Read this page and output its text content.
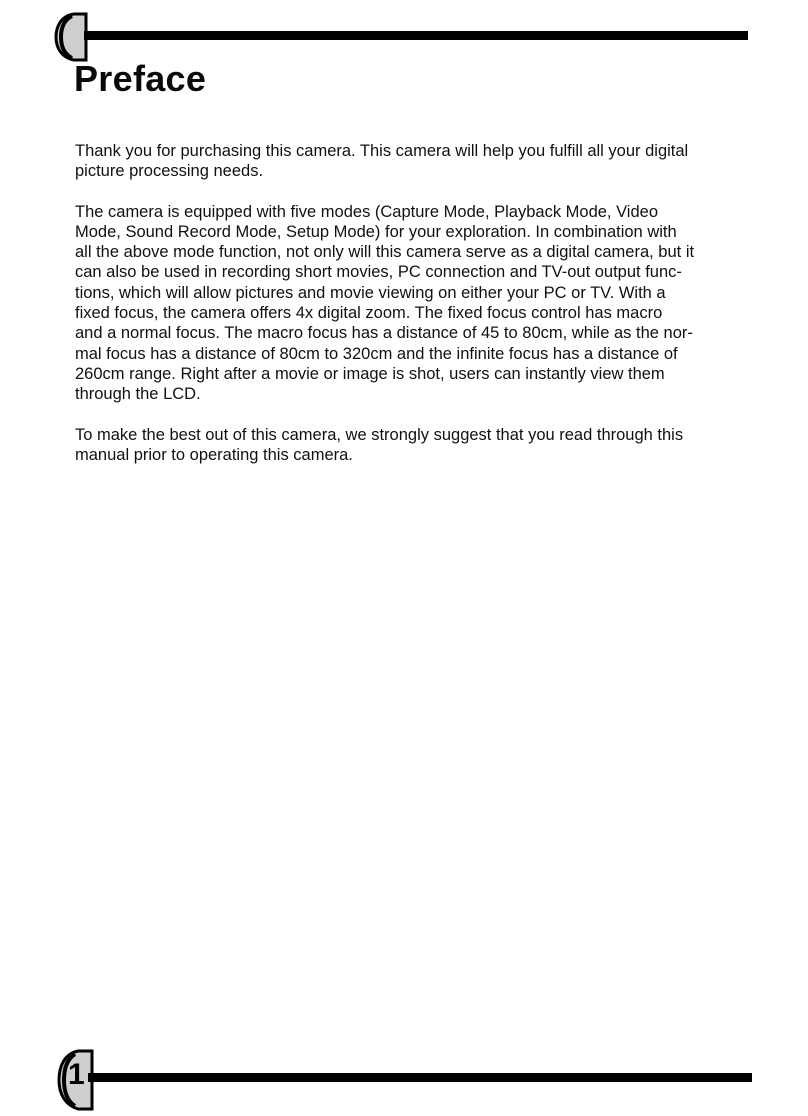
Preface

Thank you for purchasing this camera. This camera will help you fulfill all your digital
picture processing needs.

The camera is equipped with five modes (Capture Mode, Playback Mode, Video
Mode, Sound Record Mode, Setup Mode) for your exploration. In combination with
all the above mode function, not only will this camera serve as a digital camera, but it
can also be used in recording short movies, PC connection and TV-out output func-
tions, which will allow pictures and movie viewing on either your PC or TV. With a
fixed focus, the camera offers 4x digital zoom. The fixed focus control has macro
and a normal focus. The macro focus has a distance of 45 to 80cm, while as the nor-
mal focus has a distance of 80cm to 320cm and the infinite focus has a distance of
260cm range. Right after a movie or image is shot, users can instantly view them
through the LCD.

To make the best out of this camera, we strongly suggest that you read through this
manual prior to operating this camera.

1
